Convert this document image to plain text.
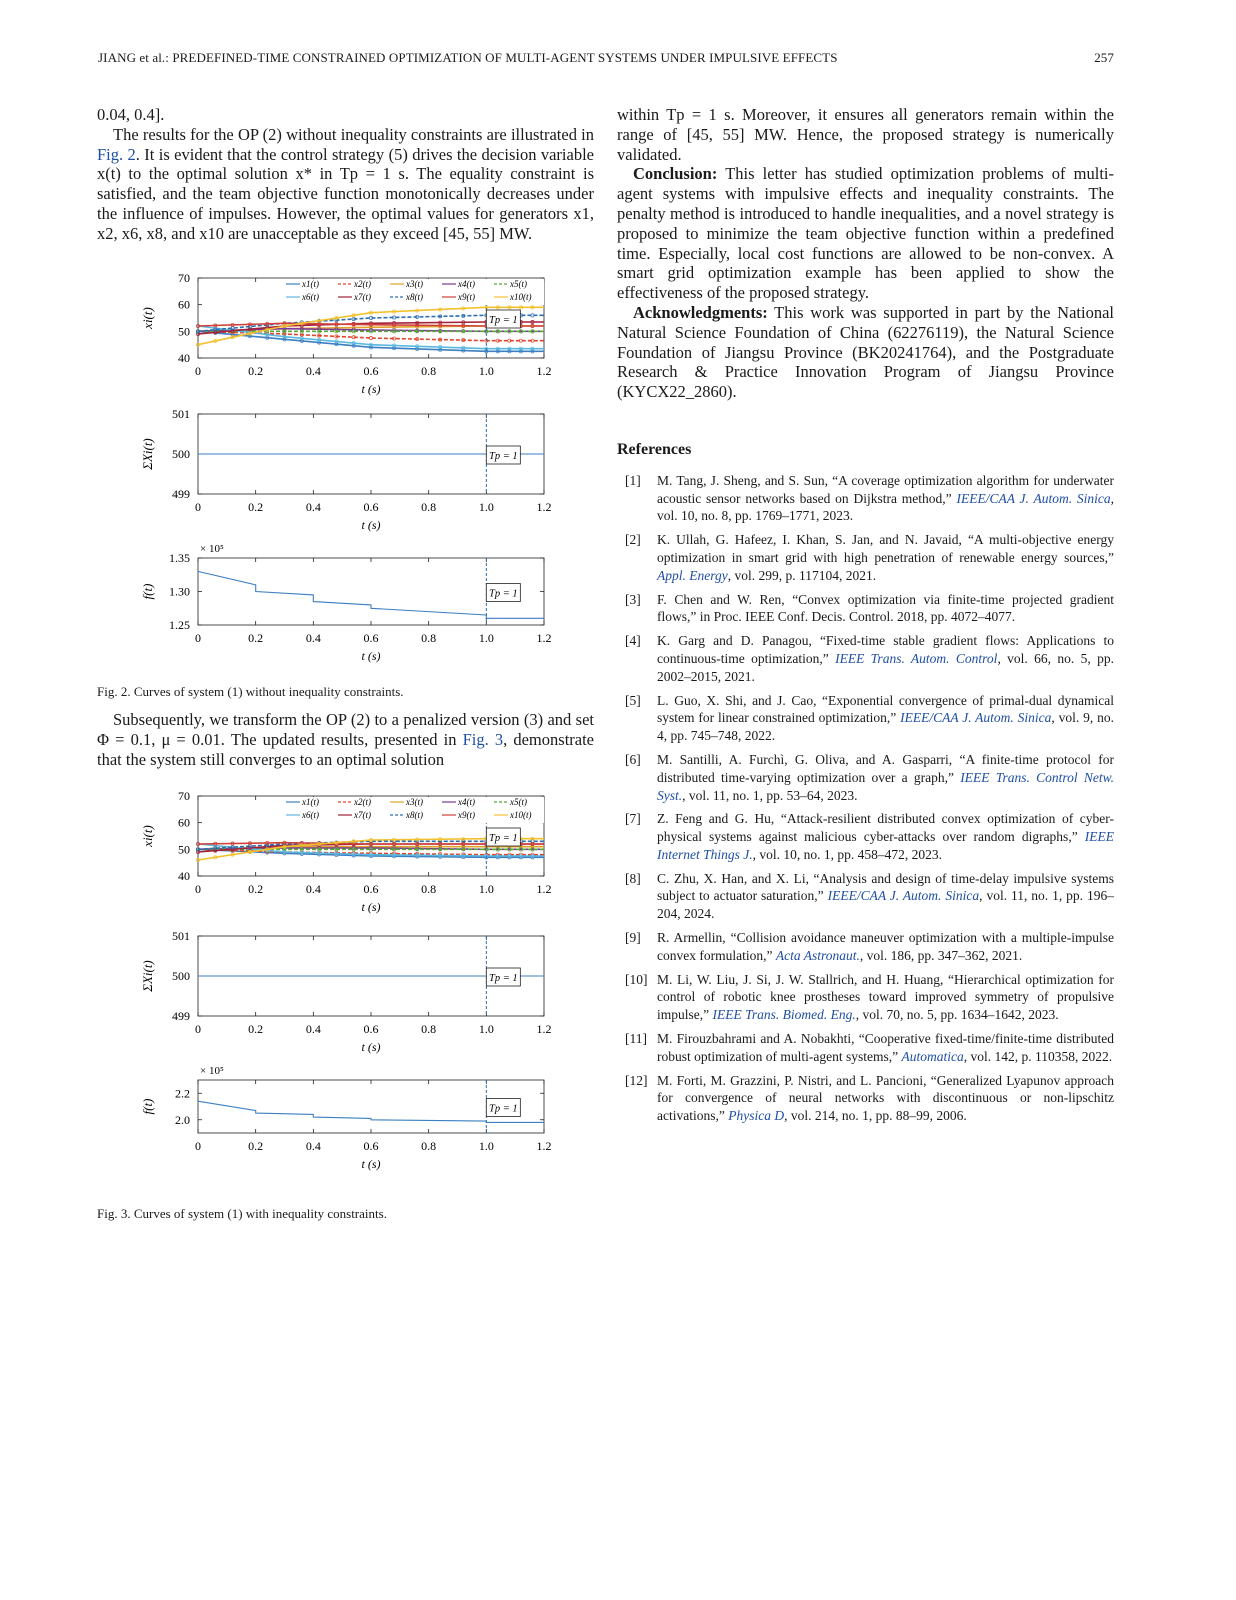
JIANG et al.: PREDEFINED-TIME CONSTRAINED OPTIMIZATION OF MULTI-AGENT SYSTEMS UNDER IMPULSIVE EFFECTS	257

0.04, 0.4].

The results for the OP (2) without inequality constraints are illustrated in Fig. 2. It is evident that the control strategy (5) drives the decision variable x(t) to the optimal solution x* in Tp = 1 s. The equality constraint is satisfied, and the team objective function monotonically decreases under the influence of impulses. However, the optimal values for generators x1, x2, x6, x8, and x10 are unacceptable as they exceed [45, 55] MW.

40
50
60
70
0	0.2	0.4	0.6	0.8	1.0	1.2
t (s)
xi(t)	Tp = 1
x1(t)	x2(t)	x3(t)	x4(t)	x5(t)
x6(t)	x7(t)	x8(t)	x9(t)	x10(t)
499
500
501
0	0.2	0.4	0.6	0.8	1.0	1.2
t (s)
ΣXi(t)	Tp = 1
1.25
1.30
1.35
0	0.2	0.4	0.6	0.8	1.0	1.2
t (s)
f(t)
× 10⁵
Tp = 1
Fig. 2. Curves of system (1) without inequality constraints.

Subsequently, we transform the OP (2) to a penalized version (3) and set Φ = 0.1, μ = 0.01. The updated results, presented in Fig. 3, demonstrate that the system still converges to an optimal solution

40
50
60
70
0	0.2	0.4	0.6	0.8	1.0	1.2
t (s)
xi(t)	Tp = 1
x1(t)	x2(t)	x3(t)	x4(t)	x5(t)
x6(t)	x7(t)	x8(t)	x9(t)	x10(t)
499
500
501
0	0.2	0.4	0.6	0.8	1.0	1.2
t (s)
ΣXi(t)	Tp = 1
2.0
2.2
0	0.2	0.4	0.6	0.8	1.0	1.2
t (s)
f(t)
× 10⁵
Tp = 1
Fig. 3. Curves of system (1) with inequality constraints.

within Tp = 1 s. Moreover, it ensures all generators remain within the range of [45, 55] MW. Hence, the proposed strategy is numerically validated.

Conclusion: This letter has studied optimization problems of multi-agent systems with impulsive effects and inequality constraints. The penalty method is introduced to handle inequalities, and a novel strategy is proposed to minimize the team objective function within a predefined time. Especially, local cost functions are allowed to be non-convex. A smart grid optimization example has been applied to show the effectiveness of the proposed strategy.

Acknowledgments: This work was supported in part by the National Natural Science Foundation of China (62276119), the Natural Science Foundation of Jiangsu Province (BK20241764), and the Postgraduate Research & Practice Innovation Program of Jiangsu Province (KYCX22_2860).

References
[1] M. Tang, J. Sheng, and S. Sun, “A coverage optimization algorithm for underwater acoustic sensor networks based on Dijkstra method,” IEEE/CAA J. Autom. Sinica, vol. 10, no. 8, pp. 1769–1771, 2023.
[2] K. Ullah, G. Hafeez, I. Khan, S. Jan, and N. Javaid, “A multi-objective energy optimization in smart grid with high penetration of renewable energy sources,” Appl. Energy, vol. 299, p. 117104, 2021.
[3] F. Chen and W. Ren, “Convex optimization via finite-time projected gradient flows,” in Proc. IEEE Conf. Decis. Control. 2018, pp. 4072–4077.
[4] K. Garg and D. Panagou, “Fixed-time stable gradient flows: Applications to continuous-time optimization,” IEEE Trans. Autom. Control, vol. 66, no. 5, pp. 2002–2015, 2021.
[5] L. Guo, X. Shi, and J. Cao, “Exponential convergence of primal-dual dynamical system for linear constrained optimization,” IEEE/CAA J. Autom. Sinica, vol. 9, no. 4, pp. 745–748, 2022.
[6] M. Santilli, A. Furchì, G. Oliva, and A. Gasparri, “A finite-time protocol for distributed time-varying optimization over a graph,” IEEE Trans. Control Netw. Syst., vol. 11, no. 1, pp. 53–64, 2023.
[7] Z. Feng and G. Hu, “Attack-resilient distributed convex optimization of cyber-physical systems against malicious cyber-attacks over random digraphs,” IEEE Internet Things J., vol. 10, no. 1, pp. 458–472, 2023.
[8] C. Zhu, X. Han, and X. Li, “Analysis and design of time-delay impulsive systems subject to actuator saturation,” IEEE/CAA J. Autom. Sinica, vol. 11, no. 1, pp. 196–204, 2024.
[9] R. Armellin, “Collision avoidance maneuver optimization with a multiple-impulse convex formulation,” Acta Astronaut., vol. 186, pp. 347–362, 2021.
[10] M. Li, W. Liu, J. Si, J. W. Stallrich, and H. Huang, “Hierarchical optimization for control of robotic knee prostheses toward improved symmetry of propulsive impulse,” IEEE Trans. Biomed. Eng., vol. 70, no. 5, pp. 1634–1642, 2023.
[11] M. Firouzbahrami and A. Nobakhti, “Cooperative fixed-time/finite-time distributed robust optimization of multi-agent systems,” Automatica, vol. 142, p. 110358, 2022.
[12] M. Forti, M. Grazzini, P. Nistri, and L. Pancioni, “Generalized Lyapunov approach for convergence of neural networks with discontinuous or non-lipschitz activations,” Physica D, vol. 214, no. 1, pp. 88–99, 2006.
